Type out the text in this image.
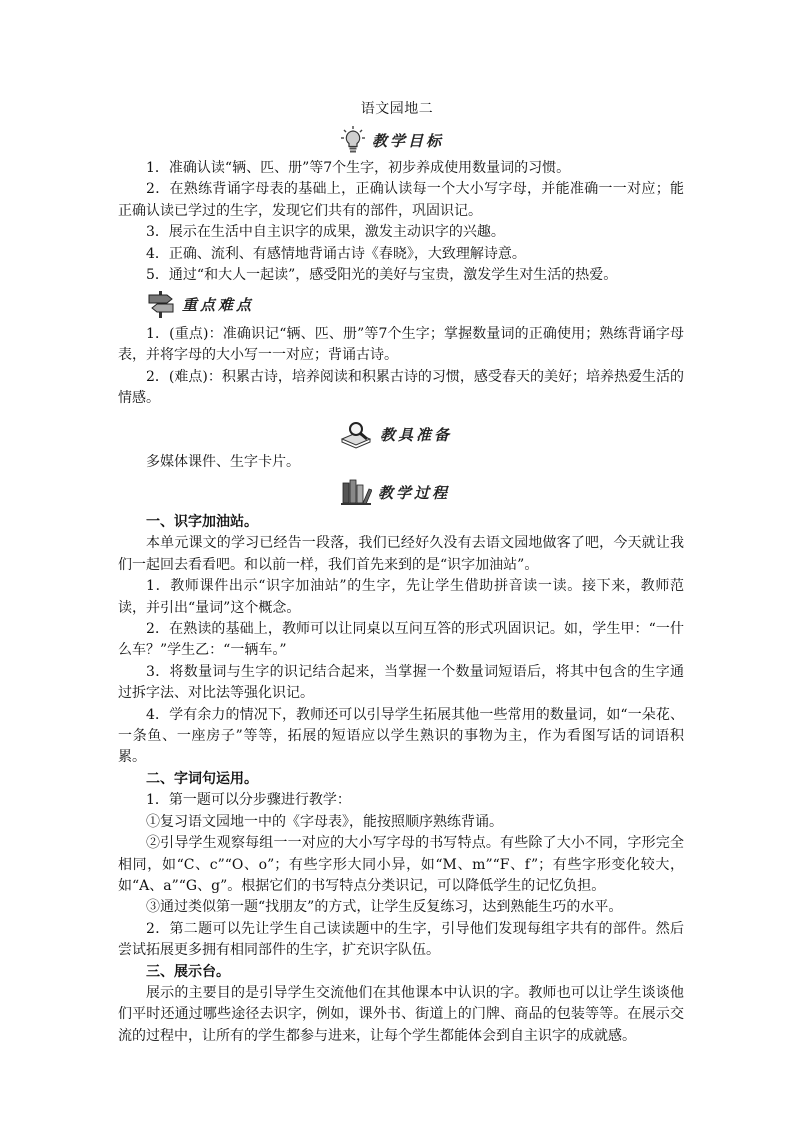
语文园地二
教学目标

1．准确认读“辆、匹、册”等7个生字，初步养成使用数量词的习惯。

2．在熟练背诵字母表的基础上，正确认读每一个大小写字母，并能准确一一对应；能正确认读已学过的生字，发现它们共有的部件，巩固识记。

3．展示在生活中自主识字的成果，激发主动识字的兴趣。

4．正确、流利、有感情地背诵古诗《春晓》，大致理解诗意。

5．通过“和大人一起读”，感受阳光的美好与宝贵，激发学生对生活的热爱。

重点难点

1．(重点)：准确识记“辆、匹、册”等7个生字；掌握数量词的正确使用；熟练背诵字母表，并将字母的大小写一一对应；背诵古诗。

2．(难点)：积累古诗，培养阅读和积累古诗的习惯，感受春天的美好；培养热爱生活的情感。

教具准备

多媒体课件、生字卡片。

教学过程

一、识字加油站。

本单元课文的学习已经告一段落，我们已经好久没有去语文园地做客了吧，今天就让我们一起回去看看吧。和以前一样，我们首先来到的是“识字加油站”。

1．教师课件出示“识字加油站”的生字，先让学生借助拼音读一读。接下来，教师范读，并引出“量词”这个概念。

2．在熟读的基础上，教师可以让同桌以互问互答的形式巩固识记。如，学生甲：“一什么车？”学生乙：“一辆车。”

3．将数量词与生字的识记结合起来，当掌握一个数量词短语后，将其中包含的生字通过拆字法、对比法等强化识记。

4．学有余力的情况下，教师还可以引导学生拓展其他一些常用的数量词，如“一朵花、一条鱼、一座房子”等等，拓展的短语应以学生熟识的事物为主，作为看图写话的词语积累。

二、字词句运用。

1．第一题可以分步骤进行教学：

①复习语文园地一中的《字母表》，能按照顺序熟练背诵。

②引导学生观察每组一一对应的大小写字母的书写特点。有些除了大小不同，字形完全相同，如“C、c”“O、o”；有些字形大同小异，如“M、m”“F、f”；有些字形变化较大，如“A、a”“G、g”。根据它们的书写特点分类识记，可以降低学生的记忆负担。

③通过类似第一题“找朋友”的方式，让学生反复练习，达到熟能生巧的水平。

2．第二题可以先让学生自己读读题中的生字，引导他们发现每组字共有的部件。然后尝试拓展更多拥有相同部件的生字，扩充识字队伍。

三、展示台。

展示的主要目的是引导学生交流他们在其他课本中认识的字。教师也可以让学生谈谈他们平时还通过哪些途径去识字，例如，课外书、街道上的门牌、商品的包装等等。在展示交流的过程中，让所有的学生都参与进来，让每个学生都能体会到自主识字的成就感。
